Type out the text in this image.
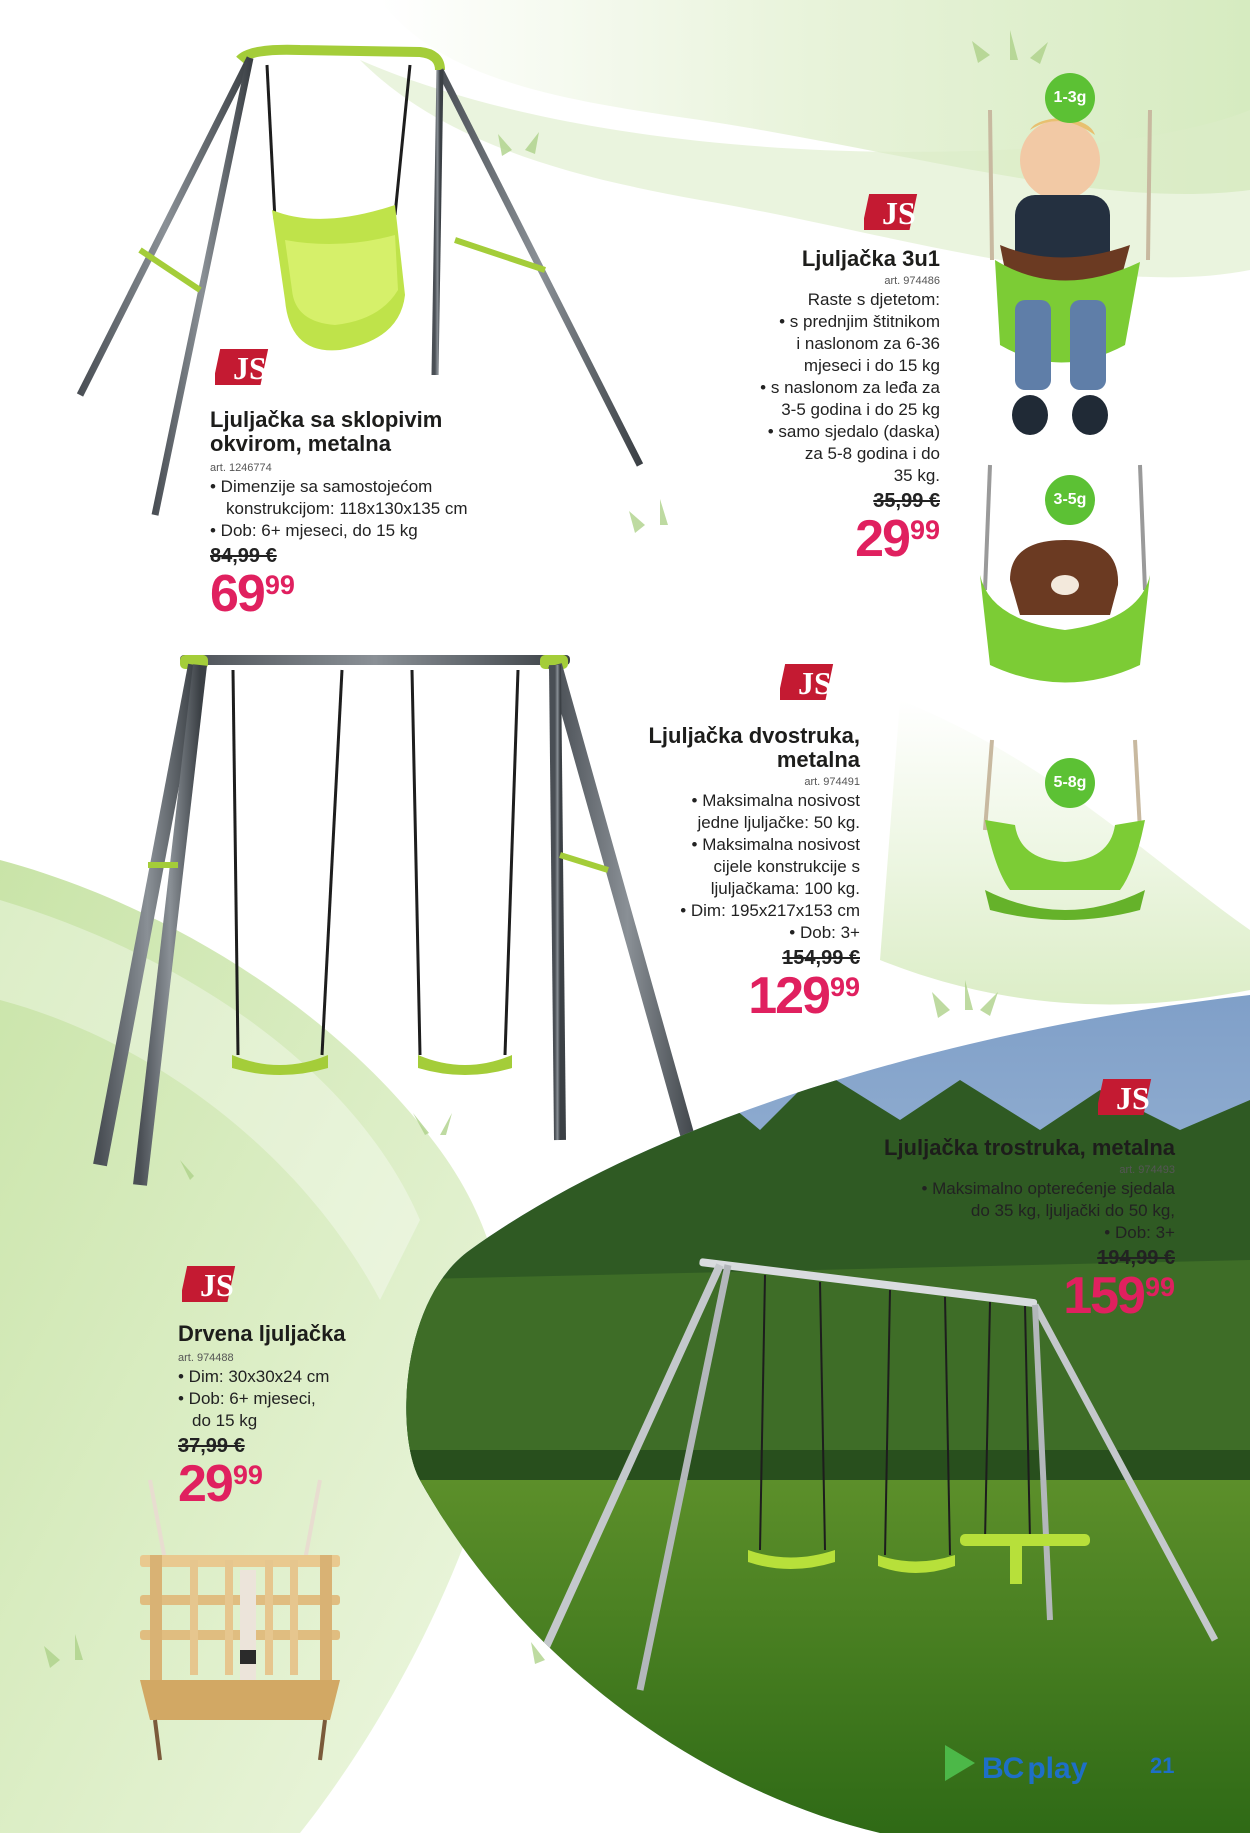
JS
JS
JS
JS
JS
1-3g
3-5g
5-8g
Ljuljačka sa sklopivim
okvirom, metalna
art. 1246774
• Dimenzije sa samostojećom
konstrukcijom: 118x130x135 cm
• Dob: 6+ mjeseci, do 15 kg
84,99 €
6999
Ljuljačka 3u1
art. 974486
Raste s djetetom:
• s prednjim štitnikom
i naslonom za 6-36
mjeseci i do 15 kg
• s naslonom za leđa za
3-5 godina i do 25 kg
• samo sjedalo (daska)
za 5-8 godina i do
35 kg.
35,99 €
2999
Ljuljačka dvostruka,
metalna
art. 974491
• Maksimalna nosivost
jedne ljuljačke: 50 kg.
• Maksimalna nosivost
cijele konstrukcije s
ljuljačkama: 100 kg.
• Dim: 195x217x153 cm
• Dob: 3+
154,99 €
12999
Ljuljačka trostruka, metalna
art. 974493
• Maksimalno opterećenje sjedala
do 35 kg, ljuljački do 50 kg,
• Dob: 3+
194,99 €
15999
Drvena ljuljačka
art. 974488
• Dim: 30x30x24 cm
• Dob: 6+ mjeseci,
do 15 kg
37,99 €
2999
BC play	21
